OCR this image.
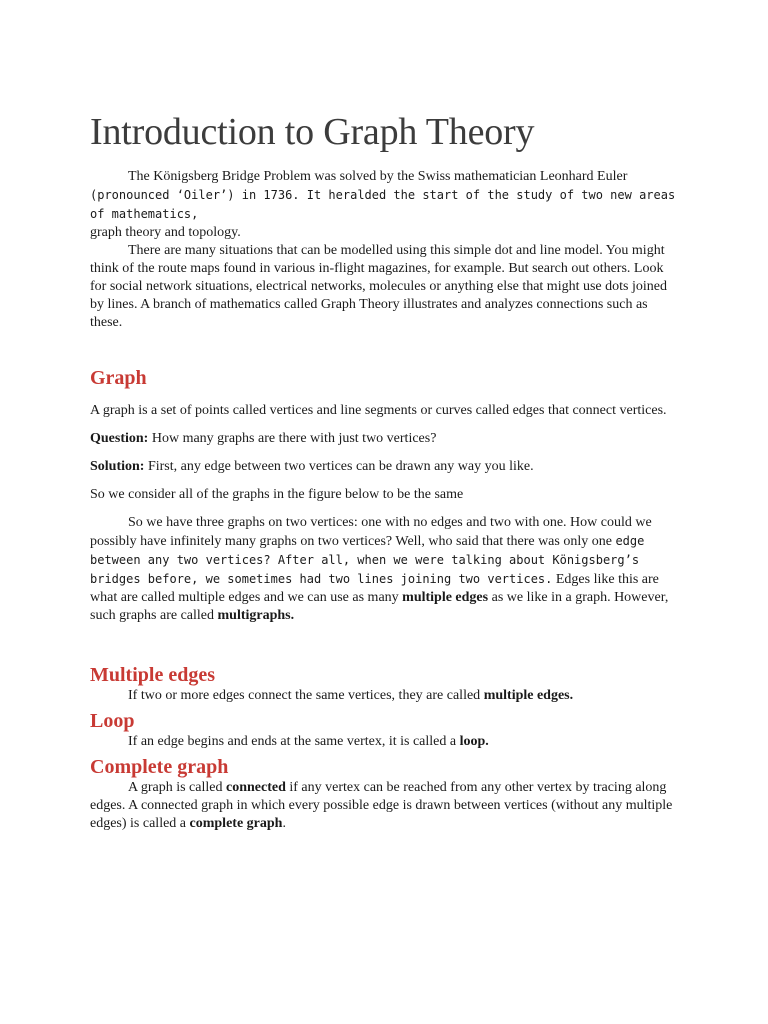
Introduction to Graph Theory

The Königsberg Bridge Problem was solved by the Swiss mathematician Leonhard Euler
(pronounced ‘Oiler’) in 1736. It heralded the start of the study of two new areas of mathematics,
graph theory and topology.

There are many situations that can be modelled using this simple dot and line model. You might think of the route maps found in various in-flight magazines, for example. But search out others. Look for social network situations, electrical networks, molecules or anything else that might use dots joined by lines. A branch of mathematics called Graph Theory illustrates and analyzes connections such as these.

Graph

A graph is a set of points called vertices and line segments or curves called edges that connect vertices.

Question: How many graphs are there with just two vertices?

Solution: First, any edge between two vertices can be drawn any way you like.

So we consider all of the graphs in the figure below to be the same

So we have three graphs on two vertices: one with no edges and two with one. How could we possibly have infinitely many graphs on two vertices? Well, who said that there was only one edge between any two vertices? After all, when we were talking about Königsberg’s bridges before, we sometimes had two lines joining two vertices. Edges like this are what are called multiple edges and we can use as many multiple edges as we like in a graph. However, such graphs are called multigraphs.

Multiple edges

If two or more edges connect the same vertices, they are called multiple edges.

Loop

If an edge begins and ends at the same vertex, it is called a loop.

Complete graph

A graph is called connected if any vertex can be reached from any other vertex by tracing along edges. A connected graph in which every possible edge is drawn between vertices (without any multiple edges) is called a complete graph.
